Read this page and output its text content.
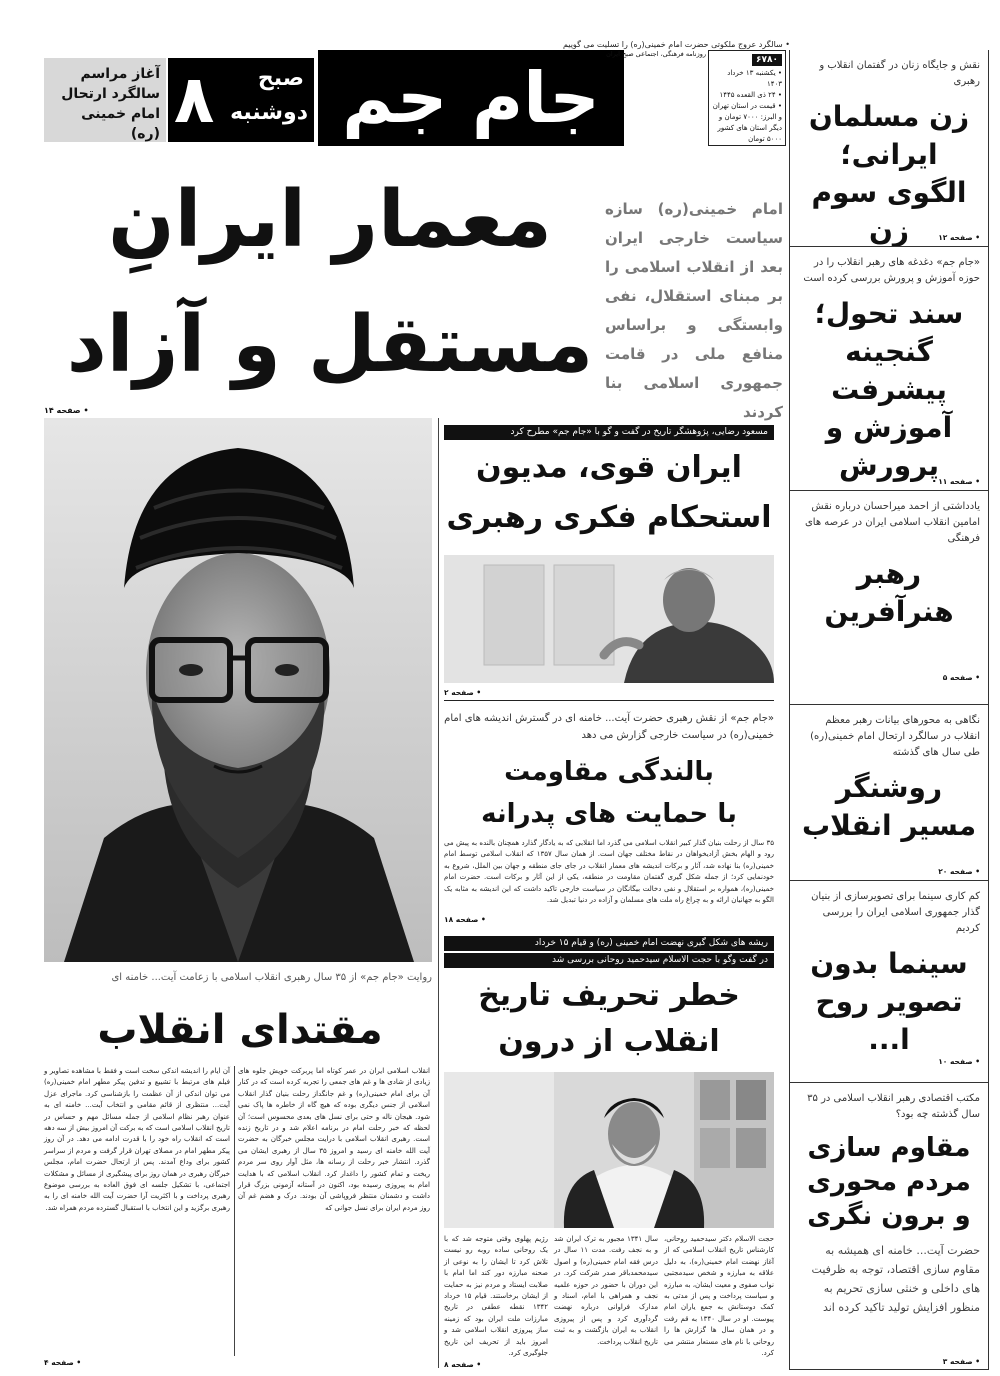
• سالگرد عروج ملکوتی حضرت امام خمینی(ره) را تسلیت می گوییم
جام جم
روزنامه فرهنگی، اجتماعی صبح ایران
۶۷۸۰
• یکشنبه ۱۳ خرداد ۱۴۰۳
• ۲۴ ذی القعده ۱۴۴۵
• قیمت در استان تهران
و البرز: ۷۰۰۰ تومان و
دیگر استان های کشور
۵۰۰۰ تومان
۸ صبح
دوشنبه
آغاز مراسم سالگرد ارتحال امام خمینی (ره)
معمار ایرانِ
مستقل و آزاد
امام خمینی(ره) سازه سیاست خارجی ایران بعد از انقلاب اسلامی را بر مبنای استقلال، نفی وابستگی و براساس منافع ملی در قامت جمهوری اسلامی بنا کردند
• صفحه ۱۴
نقش و جایگاه زنان در گفتمان انقلاب و رهبری
زن مسلمان ایرانی؛ الگوی سوم زن	• صفحه ۱۲
«جام جم» دغدغه های رهبر انقلاب را در حوزه آموزش و پرورش بررسی کرده است
سند تحول؛ گنجینه پیشرفت آموزش و پرورش • صفحه ۱۱
یادداشتی از احمد میراحسان درباره نقش امامین انقلاب اسلامی ایران در عرصه های فرهنگی
رهبر هنرآفرین
• صفحه ۵
نگاهی به محورهای بیانات رهبر معظم انقلاب در سالگرد ارتحال امام خمینی(ره) طی سال های گذشته
روشنگر مسیر انقلاب
• صفحه ۲۰
کم کاری سینما برای تصویرسازی از بنیان گذار جمهوری اسلامی ایران را بررسی کردیم
سینما بدون تصویر روح ا...
• صفحه ۱۰
مکتب اقتصادی رهبر انقلاب اسلامی در ۳۵ سال گذشته چه بود؟
مقاوم سازی مردم محوری و برون نگری
حضرت آیت... خامنه ای همیشه به مقاوم سازی اقتصاد، توجه به ظرفیت های داخلی و خنثی سازی تحریم به منظور افزایش تولید تاکید کرده اند
• صفحه ۳
روایت «جام جم» از ۳۵ سال رهبری انقلاب اسلامی با زعامت آیت... خامنه ای
مقتدای انقلاب
انقلاب اسلامی ایران در عمر کوتاه اما پربرکت خویش جلوه های زیادی از شادی ها و غم های جمعی را تجربه کرده است که در کنار آن برای امام خمینی(ره) و غم جانگداز رحلت بنیان گذار انقلاب اسلامی از جنس دیگری بوده که هیچ گاه از خاطره ها پاک نمی شود. هیجان ناله و حتی برای نسل های بعدی محسوس است؛ آن لحظه که خبر رحلت امام در برنامه اعلام شد و در تاریخ زنده است. رهبری انقلاب اسلامی با درایت مجلس خبرگان به حضرت آیت الله خامنه ای رسید و امروز ۳۵ سال از رهبری ایشان می گذرد. انتشار خبر رحلت از رسانه ها، مثل آوار روی سر مردم ریخت و تمام کشور را داغدار کرد. انقلاب اسلامی که با هدایت امام به پیروزی رسیده بود، اکنون در آستانه آزمونی بزرگ قرار داشت و دشمنان منتظر فروپاشی آن بودند. درک و هضم غم آن روز مردم ایران برای نسل جوانی که
آن ایام را اندیشه اندکی سخت است و فقط با مشاهده تصاویر و فیلم های مرتبط با تشییع و تدفین پیکر مطهر امام خمینی(ره) می توان اندکی از آن عظمت را بازشناسی کرد. ماجرای عزل آیت... منتظری از قائم مقامی و انتخاب آیت... خامنه ای به عنوان رهبر نظام اسلامی از جمله مسائل مهم و حساس در تاریخ انقلاب اسلامی است که به برکت آن امروز بیش از سه دهه است که انقلاب راه خود را با قدرت ادامه می دهد. در آن روز پیکر مطهر امام در مصلای تهران قرار گرفت و مردم از سراسر کشور برای وداع آمدند. پس از ارتحال حضرت امام، مجلس خبرگان رهبری در همان روز برای پیشگیری از مسائل و مشکلات اجتماعی، با تشکیل جلسه ای فوق العاده به بررسی موضوع رهبری پرداخت و با اکثریت آرا حضرت آیت الله خامنه ای را به رهبری برگزید و این انتخاب با استقبال گسترده مردم همراه شد.
• صفحه ۴
مسعود رضایی، پژوهشگر تاریخ در گفت و گو با «جام جم» مطرح کرد
ایران قوی، مدیون
استحکام فکری رهبری
• صفحه ۲
«جام جم» از نقش رهبری حضرت آیت... خامنه ای در گسترش اندیشه های امام خمینی(ره) در سیاست خارجی گزارش می دهد
بالندگی مقاومت
با حمایت های پدرانه
۳۵ سال از رحلت بنیان گذار کبیر انقلاب اسلامی می گذرد اما انقلابی که به یادگار گذارد همچنان بالنده به پیش می رود و الهام بخش آزادیخواهان در نقاط مختلف جهان است. از همان سال ۱۳۵۷ که انقلاب اسلامی توسط امام خمینی(ره) بنا نهاده شد، آثار و برکات اندیشه های معمار انقلاب در جای جای منطقه و جهان بین الملل، شروع به خودنمایی کرد؛ از جمله شکل گیری گفتمان مقاومت در منطقه، یکی از این آثار و برکات است. حضرت امام خمینی(ره)، همواره بر استقلال و نفی دخالت بیگانگان در سیاست خارجی تاکید داشت که این اندیشه به مثابه یک الگو به جهانیان ارائه و به چراغ راه ملت های مسلمان و آزاده در دنیا تبدیل شد.
• صفحه ۱۸
ریشه های شکل گیری نهضت امام خمینی (ره) و قیام ۱۵ خرداد
در گفت وگو با حجت الاسلام سیدحمید روحانی بررسی شد
خطر تحریف تاریخ
انقلاب از درون
حجت الاسلام دکتر سیدحمید روحانی، کارشناس تاریخ انقلاب اسلامی که از آغاز نهضت امام خمینی(ره)، به دلیل علاقه به مبارزه و شخص سیدمجتبی نواب صفوی و معیت ایشان، به مبارزه و سیاست پرداخت و پس از مدتی به کمک دوستانش به جمع یاران امام پیوست. او در سال ۱۳۴۰ به قم رفت و در همان سال ها گزارش ها را روحانی با نام های مستعار منتشر می کرد.
سال ۱۳۴۱ مجبور به ترک ایران شد و به نجف رفت. مدت ۱۱ سال در درس فقه امام خمینی(ره) و اصول سیدمحمدباقر صدر شرکت کرد. در این دوران با حضور در حوزه علمیه نجف و همراهی با امام، اسناد و مدارک فراوانی درباره نهضت گردآوری کرد و پس از پیروزی انقلاب به ایران بازگشت و به ثبت تاریخ انقلاب پرداخت.
رژیم پهلوی وقتی متوجه شد که با یک روحانی ساده روبه رو نیست تلاش کرد تا ایشان را به نوعی از صحنه مبارزه دور کند اما امام با صلابت ایستاد و مردم نیز به حمایت از ایشان برخاستند. قیام ۱۵ خرداد ۱۳۴۲ نقطه عطفی در تاریخ مبارزات ملت ایران بود که زمینه ساز پیروزی انقلاب اسلامی شد و امروز باید از تحریف این تاریخ جلوگیری کرد.
• صفحه ۸
